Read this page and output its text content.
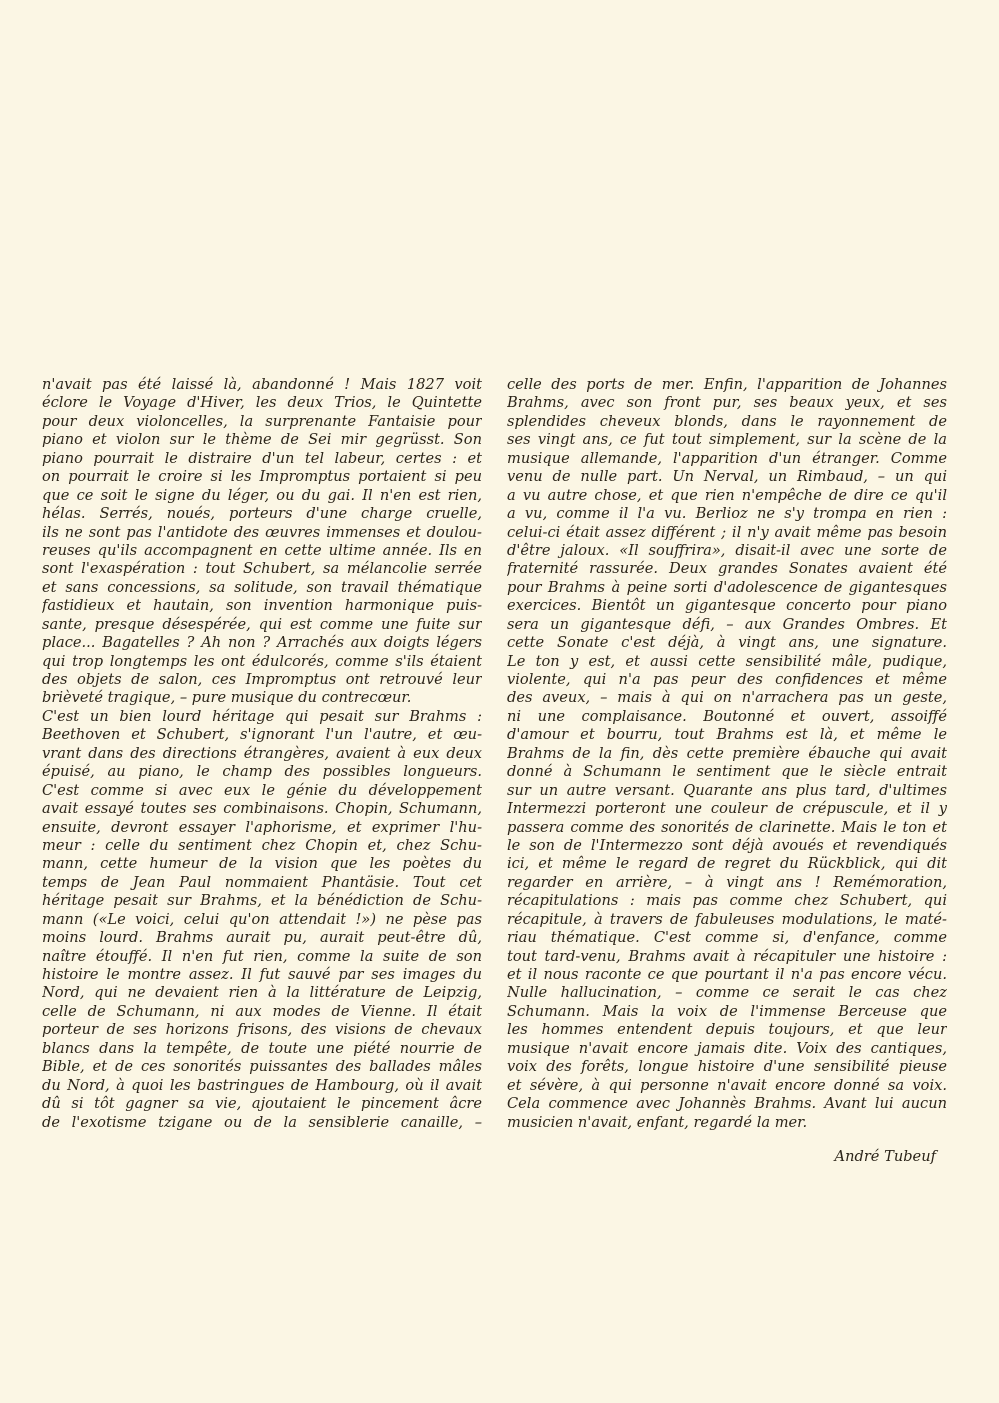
n'avait pas été laissé là, abandonné ! Mais 1827 voit
éclore le Voyage d'Hiver, les deux Trios, le Quintette
pour deux violoncelles, la surprenante Fantaisie pour
piano et violon sur le thème de Sei mir gegrüsst. Son
piano pourrait le distraire d'un tel labeur, certes : et
on pourrait le croire si les Impromptus portaient si peu
que ce soit le signe du léger, ou du gai. Il n'en est rien,
hélas. Serrés, noués, porteurs d'une charge cruelle,
ils ne sont pas l'antidote des œuvres immenses et doulou-
reuses qu'ils accompagnent en cette ultime année. Ils en
sont l'exaspération : tout Schubert, sa mélancolie serrée
et sans concessions, sa solitude, son travail thématique
fastidieux et hautain, son invention harmonique puis-
sante, presque désespérée, qui est comme une fuite sur
place... Bagatelles ? Ah non ? Arrachés aux doigts légers
qui trop longtemps les ont édulcorés, comme s'ils étaient
des objets de salon, ces Impromptus ont retrouvé leur
brièveté tragique, – pure musique du contrecœur.
C'est un bien lourd héritage qui pesait sur Brahms :
Beethoven et Schubert, s'ignorant l'un l'autre, et œu-
vrant dans des directions étrangères, avaient à eux deux
épuisé, au piano, le champ des possibles longueurs.
C'est comme si avec eux le génie du développement
avait essayé toutes ses combinaisons. Chopin, Schumann,
ensuite, devront essayer l'aphorisme, et exprimer l'hu-
meur : celle du sentiment chez Chopin et, chez Schu-
mann, cette humeur de la vision que les poètes du
temps de Jean Paul nommaient Phantäsie. Tout cet
héritage pesait sur Brahms, et la bénédiction de Schu-
mann («Le voici, celui qu'on attendait !») ne pèse pas
moins lourd. Brahms aurait pu, aurait peut-être dû,
naître étouffé. Il n'en fut rien, comme la suite de son
histoire le montre assez. Il fut sauvé par ses images du
Nord, qui ne devaient rien à la littérature de Leipzig,
celle de Schumann, ni aux modes de Vienne. Il était
porteur de ses horizons frisons, des visions de chevaux
blancs dans la tempête, de toute une piété nourrie de
Bible, et de ces sonorités puissantes des ballades mâles
du Nord, à quoi les bastringues de Hambourg, où il avait
dû si tôt gagner sa vie, ajoutaient le pincement âcre
de l'exotisme tzigane ou de la sensiblerie canaille, –
celle des ports de mer. Enfin, l'apparition de Johannes
Brahms, avec son front pur, ses beaux yeux, et ses
splendides cheveux blonds, dans le rayonnement de
ses vingt ans, ce fut tout simplement, sur la scène de la
musique allemande, l'apparition d'un étranger. Comme
venu de nulle part. Un Nerval, un Rimbaud, – un qui
a vu autre chose, et que rien n'empêche de dire ce qu'il
a vu, comme il l'a vu. Berlioz ne s'y trompa en rien :
celui-ci était assez différent ; il n'y avait même pas besoin
d'être jaloux. «Il souffrira», disait-il avec une sorte de
fraternité rassurée. Deux grandes Sonates avaient été
pour Brahms à peine sorti d'adolescence de gigantesques
exercices. Bientôt un gigantesque concerto pour piano
sera un gigantesque défi, – aux Grandes Ombres. Et
cette Sonate c'est déjà, à vingt ans, une signature.
Le ton y est, et aussi cette sensibilité mâle, pudique,
violente, qui n'a pas peur des confidences et même
des aveux, – mais à qui on n'arrachera pas un geste,
ni une complaisance. Boutonné et ouvert, assoiffé
d'amour et bourru, tout Brahms est là, et même le
Brahms de la fin, dès cette première ébauche qui avait
donné à Schumann le sentiment que le siècle entrait
sur un autre versant. Quarante ans plus tard, d'ultimes
Intermezzi porteront une couleur de crépuscule, et il y
passera comme des sonorités de clarinette. Mais le ton et
le son de l'Intermezzo sont déjà avoués et revendiqués
ici, et même le regard de regret du Rückblick, qui dit
regarder en arrière, – à vingt ans ! Remémoration,
récapitulations : mais pas comme chez Schubert, qui
récapitule, à travers de fabuleuses modulations, le maté-
riau thématique. C'est comme si, d'enfance, comme
tout tard-venu, Brahms avait à récapituler une histoire :
et il nous raconte ce que pourtant il n'a pas encore vécu.
Nulle hallucination, – comme ce serait le cas chez
Schumann. Mais la voix de l'immense Berceuse que
les hommes entendent depuis toujours, et que leur
musique n'avait encore jamais dite. Voix des cantiques,
voix des forêts, longue histoire d'une sensibilité pieuse
et sévère, à qui personne n'avait encore donné sa voix.
Cela commence avec Johannès Brahms. Avant lui aucun
musicien n'avait, enfant, regardé la mer.
André Tubeuf
